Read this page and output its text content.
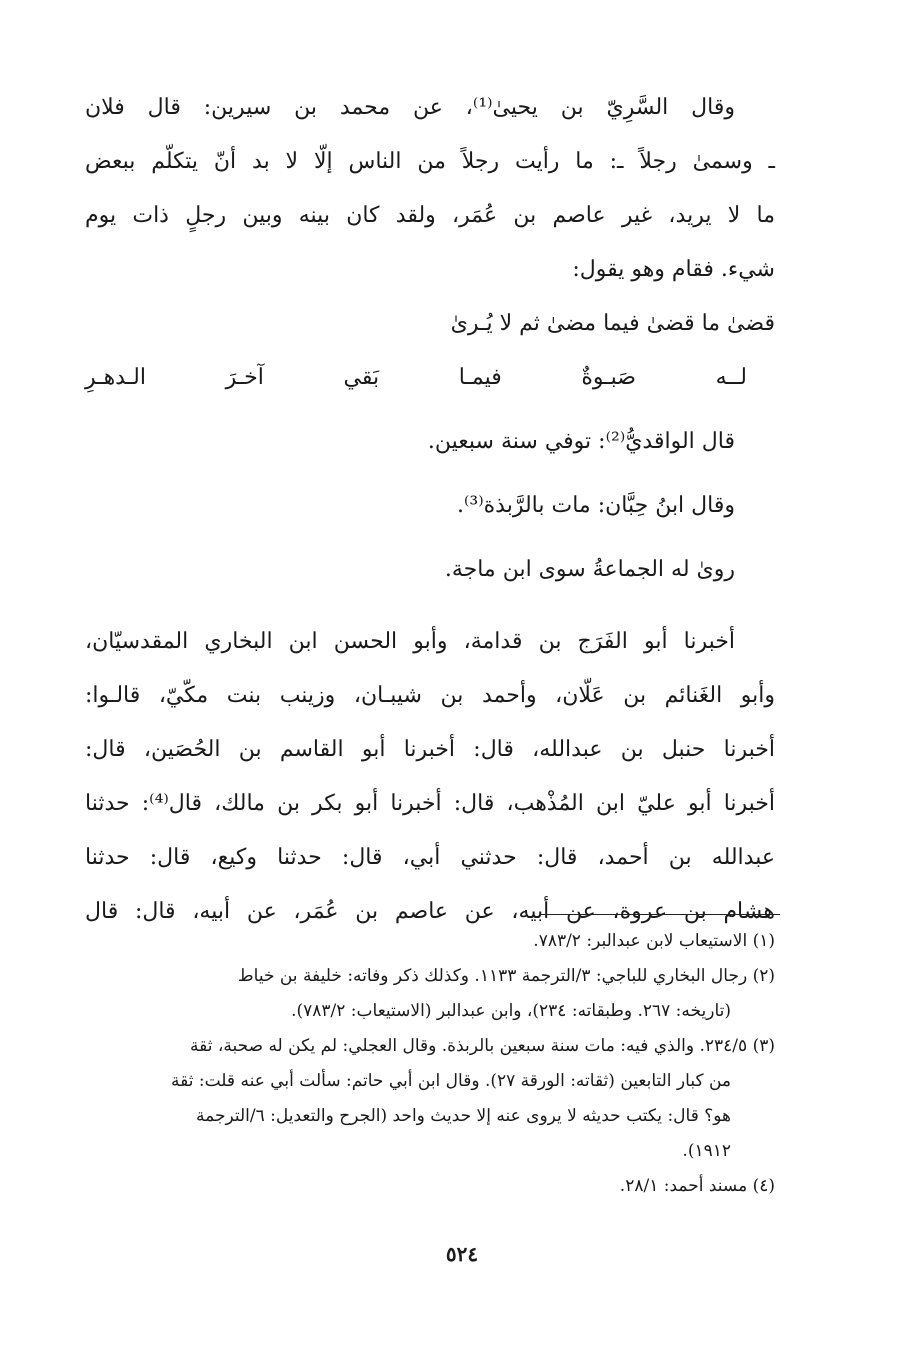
وقال السَّرِيّ بن يحيىٰ⁽¹⁾، عن محمد بن سيرين: قال فلان
ـ وسمىٰ رجلاً ـ: ما رأيت رجلاً من الناس إلّا لا بد أنّ يتكلّم ببعض
ما لا يريد، غير عاصم بن عُمَر، ولقد كان بينه وبين رجلٍ ذات يوم
شيء. فقام وهو يقول:
قضىٰ ما قضىٰ فيما مضىٰ ثم لا يُـرىٰ
لــه صَبـوةٌ فيمـا بَقي آخـرَ الـدهـرِ
قال الواقديُّ⁽²⁾: توفي سنة سبعين.
وقال ابنُ حِبَّان: مات بالرَّبذة⁽³⁾.
روىٰ له الجماعةُ سوى ابن ماجة.
أخبرنا أبو الفَرَج بن قدامة، وأبو الحسن ابن البخاري المقدسيّان،
وأبو الغَنائم بن عَلّان، وأحمد بن شيبـان، وزينب بنت مكّيّ، قالـوا:
أخبرنا حنبل بن عبدالله، قال: أخبرنا أبو القاسم بن الحُصَين، قال:
أخبرنا أبو عليّ ابن المُذْهب، قال: أخبرنا أبو بكر بن مالك، قال⁽⁴⁾: حدثنا
عبدالله بن أحمد، قال: حدثني أبي، قال: حدثنا وكيع، قال: حدثنا
هشام بن عروة، عن أبيه، عن عاصم بن عُمَر، عن أبيه، قال: قال
(١) الاستيعاب لابن عبدالبر: ٧٨٣/٢.
(٢) رجال البخاري للباجي: ٣/الترجمة ١١٣٣. وكذلك ذكر وفاته: خليفة بن خياط
(تاريخه: ٢٦٧. وطبقاته: ٢٣٤)، وابن عبدالبر (الاستيعاب: ٧٨٣/٢).
(٣) ٢٣٤/٥. والذي فيه: مات سنة سبعين بالربذة. وقال العجلي: لم يكن له صحبة، ثقة
من كبار التابعين (ثقاته: الورقة ٢٧). وقال ابن أبي حاتم: سألت أبي عنه قلت: ثقة
هو؟ قال: يكتب حديثه لا يروى عنه إلا حديث واحد (الجرح والتعديل: ٦/الترجمة
١٩١٢).
(٤) مسند أحمد: ٢٨/١.
٥٢٤
